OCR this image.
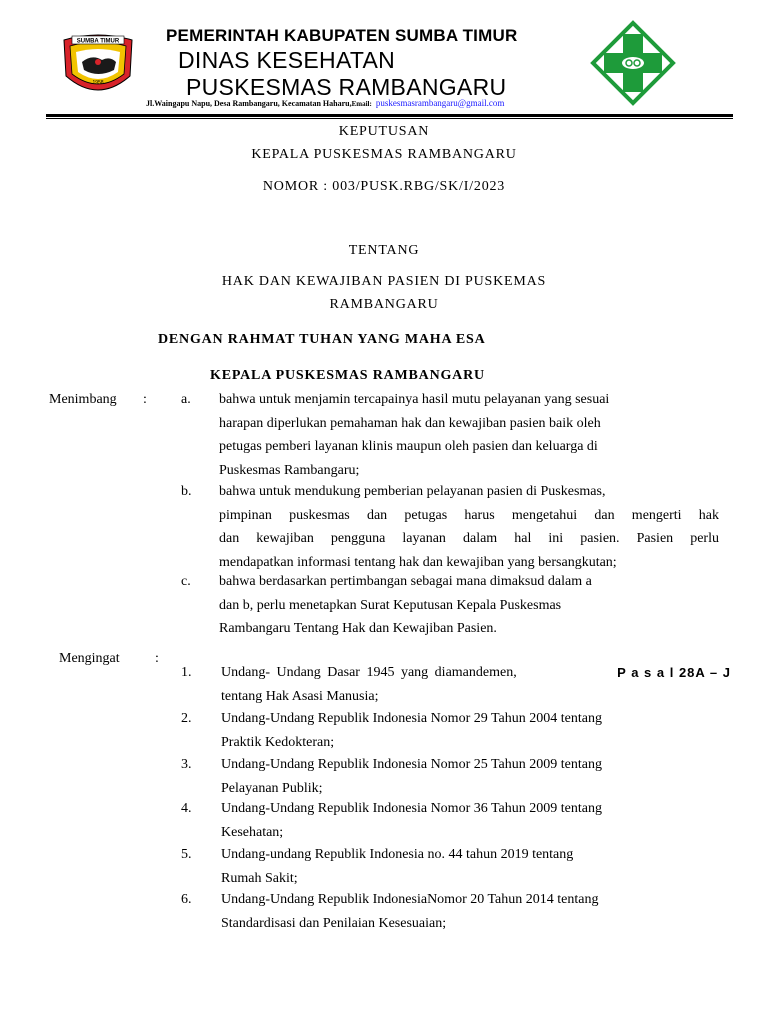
SUMBA TIMUR
1958
PEMERINTAH KABUPATEN SUMBA TIMUR
DINAS KESEHATAN
PUSKESMAS RAMBANGARU
Jl.Waingapu Napu, Desa Rambangaru, Kecamatan Haharu,Email: puskesmasrambangaru@gmail.com
KEPUTUSAN
KEPALA PUSKESMAS RAMBANGARU
NOMOR : 003/PUSK.RBG/SK/I/2023
TENTANG
HAK DAN KEWAJIBAN PASIEN DI PUSKEMAS
RAMBANGARU
DENGAN RAHMAT TUHAN YANG MAHA ESA
KEPALA PUSKESMAS RAMBANGARU
Menimbang : a. bahwa untuk menjamin tercapainya hasil mutu pelayanan yang sesuai
harapan diperlukan pemahaman hak dan kewajiban pasien baik oleh
petugas pemberi layanan klinis maupun oleh pasien dan keluarga di
Puskesmas Rambangaru;
b. bahwa untuk mendukung pemberian pelayanan pasien di Puskesmas,
pimpinan puskesmas dan petugas harus mengetahui dan mengerti hak
dan kewajiban pengguna layanan dalam hal ini pasien. Pasien perlu
mendapatkan informasi tentang hak dan kewajiban yang bersangkutan;
c. bahwa berdasarkan pertimbangan sebagai mana dimaksud dalam a
dan b, perlu menetapkan Surat Keputusan Kepala Puskesmas
Rambangaru Tentang Hak dan Kewajiban Pasien.
Mengingat	:
1. Undang- Undang Dasar 1945 yang diamandemen,	P a s a l 28A – J
tentang Hak Asasi Manusia;
2. Undang-Undang Republik Indonesia Nomor 29 Tahun 2004 tentang
Praktik Kedokteran;
3. Undang-Undang Republik Indonesia Nomor 25 Tahun 2009 tentang
Pelayanan Publik;
4. Undang-Undang Republik Indonesia Nomor 36 Tahun 2009 tentang
Kesehatan;
5. Undang-undang Republik Indonesia no. 44 tahun 2019 tentang
Rumah Sakit;
6. Undang-Undang Republik IndonesiaNomor 20 Tahun 2014 tentang
Standardisasi dan Penilaian Kesesuaian;
